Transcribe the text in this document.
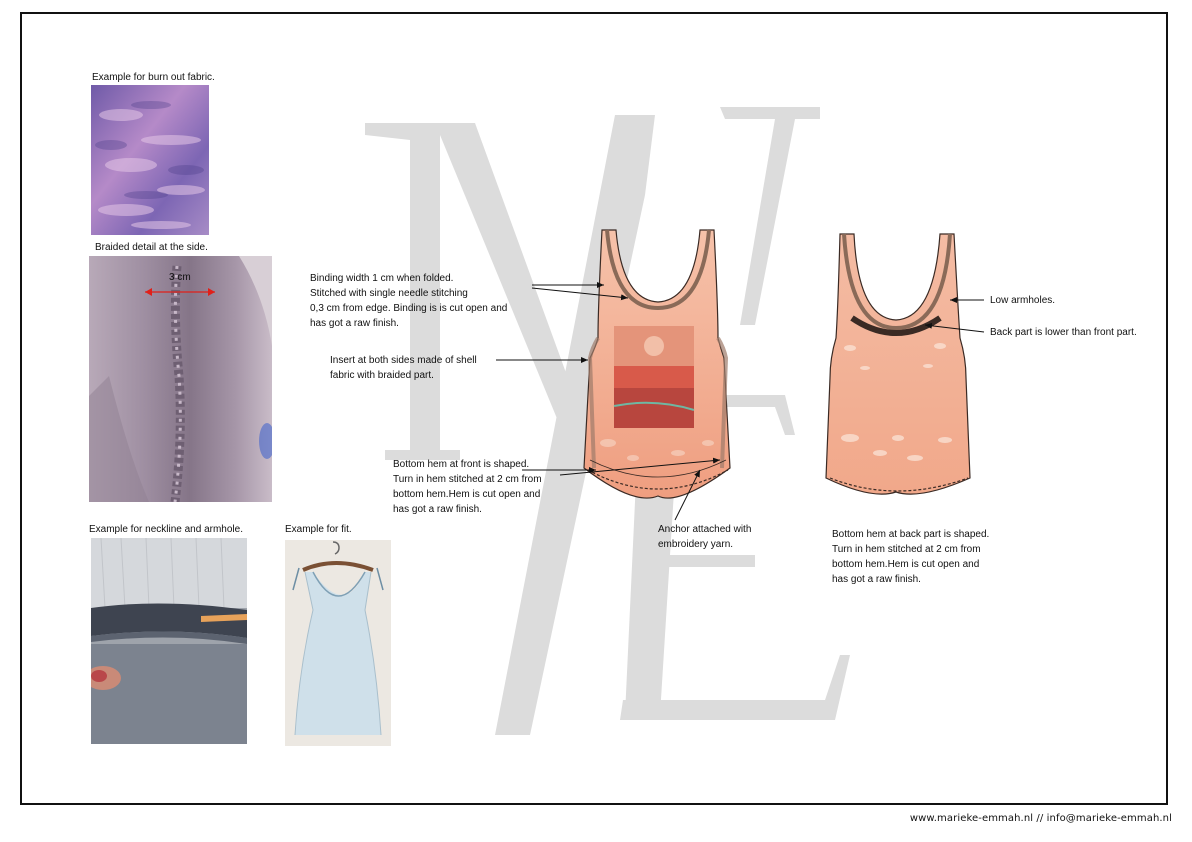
Example for burn out fabric.
Braided detail at the side.
Example for neckline and armhole.	Example for fit.
3 cm	Binding width 1 cm when folded.
Stitched with single needle stitching
0,3 cm from edge. Binding is is cut open and
has got a raw finish.
Insert at both sides made of shell
fabric with braided part.
Bottom hem at front is shaped.
Turn in hem stitched at 2 cm from
bottom hem.Hem is cut open and
has got a raw finish.
Anchor attached with
embroidery yarn.
Low armholes.
Back part is lower than front part.
Bottom hem at back part is shaped.
Turn in hem stitched at 2 cm from
bottom hem.Hem is cut open and
has got a raw finish.
www.marieke-emmah.nl // info@marieke-emmah.nl
